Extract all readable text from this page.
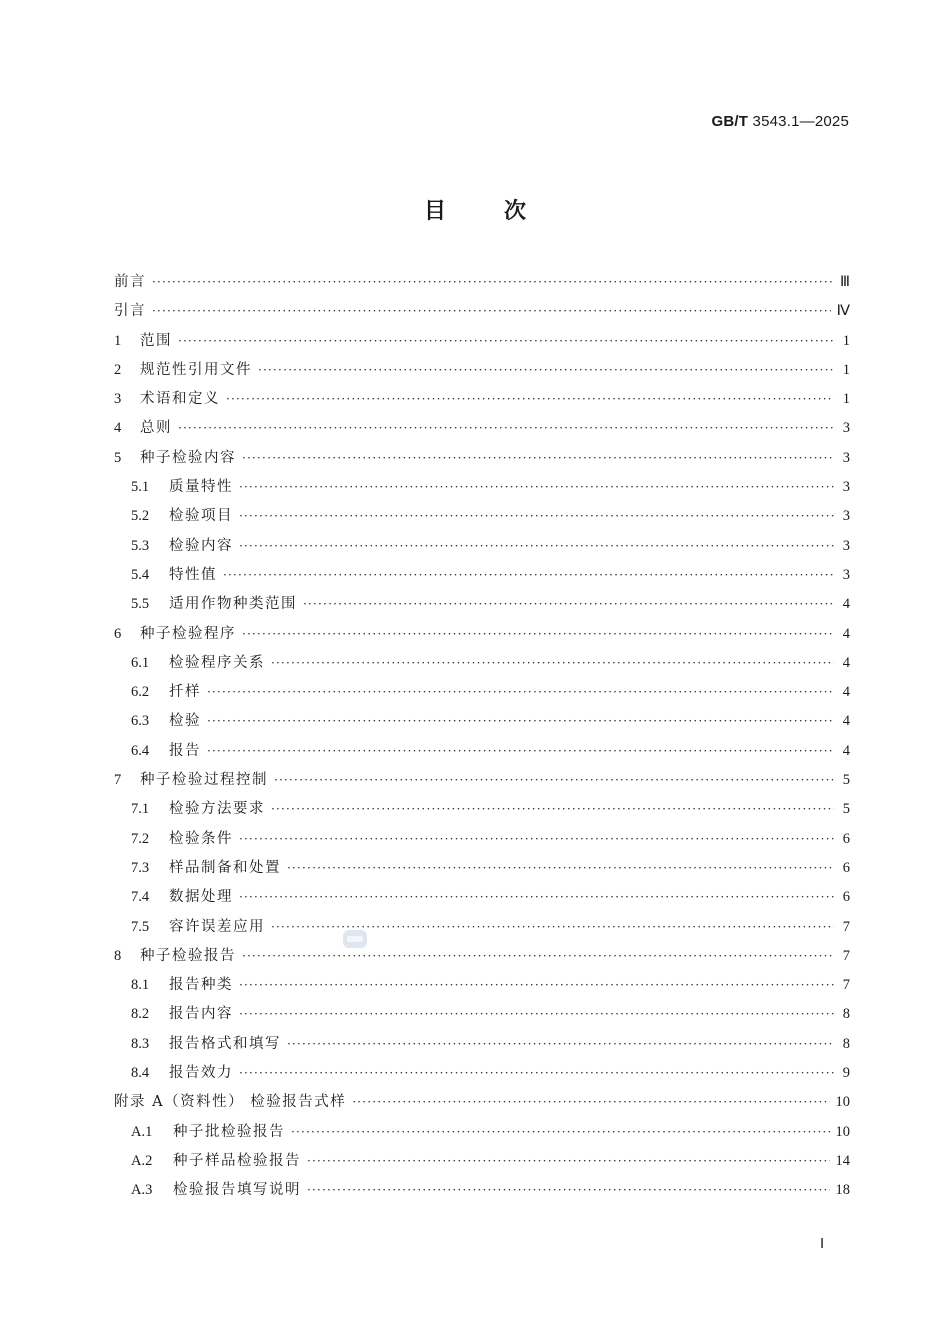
GB/T 3543.1—2025
目次
前言 ·····	Ⅲ
引言 ·····	Ⅳ
1	范围 ·····	1
2	规范性引用文件 ·····	1
3	术语和定义 ·····	1
4	总则 ·····	3
5	种子检验内容 ·····	3
5.1	质量特性 ·····	3
5.2	检验项目 ·····	3
5.3	检验内容 ·····	3
5.4	特性值 ·····	3
5.5	适用作物种类范围 ·····	4
6	种子检验程序 ·····	4
6.1	检验程序关系 ·····	4
6.2	扦样 ·····	4
6.3	检验 ·····	4
6.4	报告 ·····	4
7	种子检验过程控制 ·····	5
7.1	检验方法要求 ·····	5
7.2	检验条件 ·····	6
7.3	样品制备和处置 ·····	6
7.4	数据处理 ·····	6
7.5	容许误差应用 ·····	7
8	种子检验报告 ·····	7
8.1	报告种类 ·····	7
8.2	报告内容 ·····	8
8.3	报告格式和填写 ·····	8
8.4	报告效力 ·····	9
附录 A（资料性） 检验报告式样 ·····	10
A.1	种子批检验报告 ·····	10
A.2	种子样品检验报告 ·····	14
A.3	检验报告填写说明 ·····	18
Ⅰ
